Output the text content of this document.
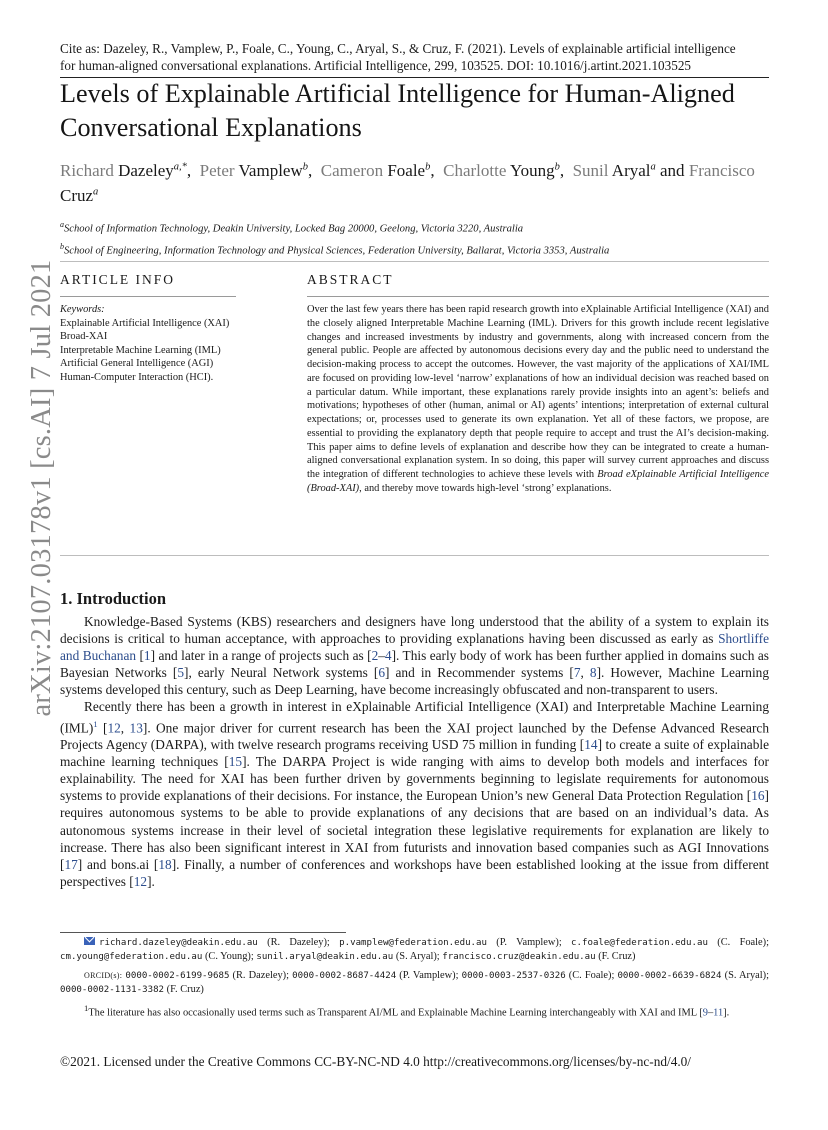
Cite as: Dazeley, R., Vamplew, P., Foale, C., Young, C., Aryal, S., & Cruz, F. (2021). Levels of explainable artificial intelligence
for human-aligned conversational explanations. Artificial Intelligence, 299, 103525. DOI: 10.1016/j.artint.2021.103525
Levels of Explainable Artificial Intelligence for Human-Aligned Conversational Explanations
Richard Dazeley$^{a,*}$,  Peter Vamplew$^b$,  Cameron Foale$^b$,  Charlotte Young$^b$,  Sunil Aryal$^a$ and Francisco Cruz$^a$
$^a$School of Information Technology, Deakin University, Locked Bag 20000, Geelong, Victoria 3220, Australia
$^b$School of Engineering, Information Technology and Physical Sciences, Federation University, Ballarat, Victoria 3353, Australia
arXiv:2107.03178v1 [cs.AI] 7 Jul 2021 ARTICLE INFO
Keywords:
Explainable Artificial Intelligence (XAI)
Broad-XAI
Interpretable Machine Learning (IML)
Artificial General Intelligence (AGI)
Human-Computer Interaction (HCI).
ABSTRACT
Over the last few years there has been rapid research growth into eXplainable Artificial Intelligence (XAI) and the closely aligned Interpretable Machine Learning (IML). Drivers for this growth include recent legislative changes and increased investments by industry and governments, along with increased concern from the general public. People are affected by autonomous decisions every day and the public need to understand the decision-making process to accept the outcomes. However, the vast majority of the applications of XAI/IML are focused on providing low-level ‘narrow’ explanations of how an individual decision was reached based on a particular datum. While important, these explanations rarely provide insights into an agent’s: beliefs and motivations; hypotheses of other (human, animal or AI) agents’ intentions; interpretation of external cultural expectations; or, processes used to generate its own explanation. Yet all of these factors, we propose, are essential to providing the explanatory depth that people require to accept and trust the AI’s decision-making. This paper aims to define levels of explanation and describe how they can be integrated to create a human-aligned conversational explanation system. In so doing, this paper will survey current approaches and discuss the integration of different technologies to achieve these levels with Broad eXplainable Artificial Intelligence (Broad-XAI), and thereby move towards high-level ‘strong’ explanations.
1. Introduction

Knowledge-Based Systems (KBS) researchers and designers have long understood that the ability of a system to explain its decisions is critical to human acceptance, with approaches to providing explanations having been discussed as early as Shortliffe and Buchanan [1] and later in a range of projects such as [2–4]. This early body of work has been further applied in domains such as Bayesian Networks [5], early Neural Network systems [6] and in Recommender systems [7, 8]. However, Machine Learning systems developed this century, such as Deep Learning, have become increasingly obfuscated and non-transparent to users.

Recently there has been a growth in interest in eXplainable Artificial Intelligence (XAI) and Interpretable Machine Learning (IML)$^1$ [12, 13]. One major driver for current research has been the XAI project launched by the Defense Advanced Research Projects Agency (DARPA), with twelve research programs receiving USD 75 million in funding [14] to create a suite of explainable machine learning techniques [15]. The DARPA Project is wide ranging with aims to develop both models and interfaces for explainability. The need for XAI has been further driven by governments beginning to legislate requirements for autonomous systems to provide explanations of their decisions. For instance, the European Union’s new General Data Protection Regulation [16] requires autonomous systems to be able to provide explanations of any decisions that are based on an individual’s data. As autonomous systems increase in their level of societal integration these legislative requirements for explanation are likely to increase. There has also been significant interest in XAI from futurists and innovation based companies such as AGI Innovations [17] and bons.ai [18]. Finally, a number of conferences and workshops have been established looking at the issue from different perspectives [12].

richard.dazeley@deakin.edu.au (R. Dazeley); p.vamplew@federation.edu.au (P. Vamplew); c.foale@federation.edu.au (C. Foale); cm.young@federation.edu.au (C. Young); sunil.aryal@deakin.edu.au (S. Aryal); francisco.cruz@deakin.edu.au (F. Cruz)

ORCID(s): 0000-0002-6199-9685 (R. Dazeley); 0000-0002-8687-4424 (P. Vamplew); 0000-0003-2537-0326 (C. Foale); 0000-0002-6639-6824 (S. Aryal); 0000-0002-1131-3382 (F. Cruz)

$^1$The literature has also occasionally used terms such as Transparent AI/ML and Explainable Machine Learning interchangeably with XAI and IML [9–11].

©2021. Licensed under the Creative Commons CC-BY-NC-ND 4.0 http://creativecommons.org/licenses/by-nc-nd/4.0/
